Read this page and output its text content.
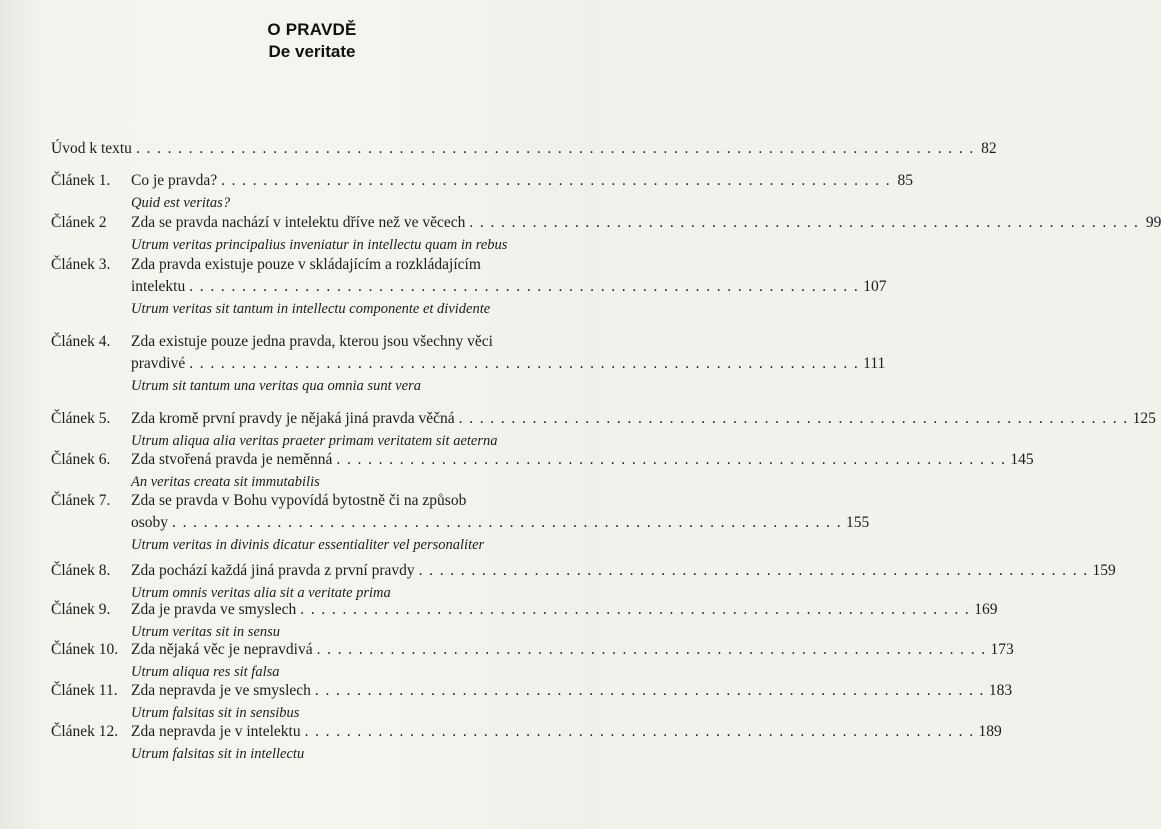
O PRAVDĚ
De veritate
Úvod k textu . . . . . . . . . . . . . . . . . . . . . . . . . . . . . . . . . . . . . . . . . . . . . . . . . . . . . . . . . . . . . . . . . . . . . . . . . . . . . . . . 82
Článek 1. Co je pravda? . . . . . . . . . . . . . . . . . . . . . . . . . . . . . . . . . . . . . . . . . . . . . . . . . . . . . . . . . . . . . . . . 85
Quid est veritas?
Článek 2 Zda se pravda nachází v intelektu dříve než ve věcech . . . . . . . . . . . . . . . . . . . . . . . . . . . . . . . . . . . . . . . . . . . . . . . . . . . . . . . . . . . . . . . . 99
Utrum veritas principalius inveniatur in intellectu quam in rebus
Článek 3. Zda pravda existuje pouze v skládajícím a rozkládajícím
intelektu . . . . . . . . . . . . . . . . . . . . . . . . . . . . . . . . . . . . . . . . . . . . . . . . . . . . . . . . . . . . . . . . 107
Utrum veritas sit tantum in intellectu componente et dividente
Článek 4. Zda existuje pouze jedna pravda, kterou jsou všechny věci
pravdivé . . . . . . . . . . . . . . . . . . . . . . . . . . . . . . . . . . . . . . . . . . . . . . . . . . . . . . . . . . . . . . . . 111
Utrum sit tantum una veritas qua omnia sunt vera
Článek 5. Zda kromě první pravdy je nějaká jiná pravda věčná . . . . . . . . . . . . . . . . . . . . . . . . . . . . . . . . . . . . . . . . . . . . . . . . . . . . . . . . . . . . . . . . 125
Utrum aliqua alia veritas praeter primam veritatem sit aeterna
Článek 6. Zda stvořená pravda je neměnná . . . . . . . . . . . . . . . . . . . . . . . . . . . . . . . . . . . . . . . . . . . . . . . . . . . . . . . . . . . . . . . . 145
An veritas creata sit immutabilis
Článek 7. Zda se pravda v Bohu vypovídá bytostně či na způsob
osoby . . . . . . . . . . . . . . . . . . . . . . . . . . . . . . . . . . . . . . . . . . . . . . . . . . . . . . . . . . . . . . . . 155
Utrum veritas in divinis dicatur essentialiter vel personaliter
Článek 8. Zda pochází každá jiná pravda z první pravdy . . . . . . . . . . . . . . . . . . . . . . . . . . . . . . . . . . . . . . . . . . . . . . . . . . . . . . . . . . . . . . . . 159
Utrum omnis veritas alia sit a veritate prima
Článek 9. Zda je pravda ve smyslech . . . . . . . . . . . . . . . . . . . . . . . . . . . . . . . . . . . . . . . . . . . . . . . . . . . . . . . . . . . . . . . . 169
Utrum veritas sit in sensu
Článek 10. Zda nějaká věc je nepravdivá . . . . . . . . . . . . . . . . . . . . . . . . . . . . . . . . . . . . . . . . . . . . . . . . . . . . . . . . . . . . . . . . 173
Utrum aliqua res sit falsa
Článek 11. Zda nepravda je ve smyslech . . . . . . . . . . . . . . . . . . . . . . . . . . . . . . . . . . . . . . . . . . . . . . . . . . . . . . . . . . . . . . . . 183
Utrum falsitas sit in sensibus
Článek 12. Zda nepravda je v intelektu . . . . . . . . . . . . . . . . . . . . . . . . . . . . . . . . . . . . . . . . . . . . . . . . . . . . . . . . . . . . . . . . 189
Utrum falsitas sit in intellectu
